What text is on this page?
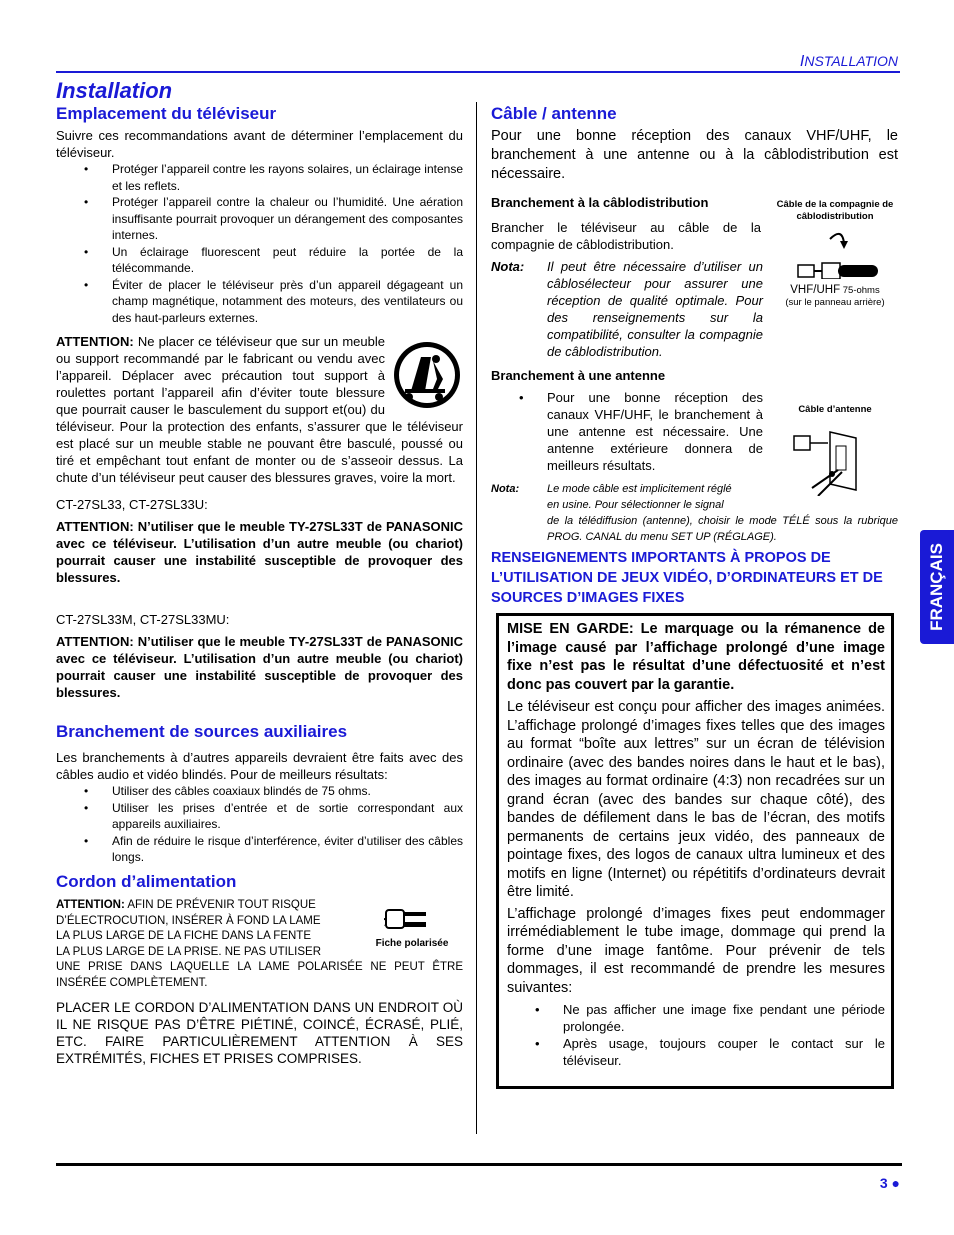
INSTALLATION
Installation

Emplacement du téléviseur

Suivre ces recommandations avant de déterminer l’emplacement du téléviseur.

• Protéger l’appareil contre les rayons solaires, un éclairage intense et les reflets.
• Protéger l’appareil contre la chaleur ou l’humidité. Une aération insuffisante pourrait provoquer un dérangement des composantes internes.
• Un éclairage fluorescent peut réduire la portée de la télécommande.
• Éviter de placer le téléviseur près d’un appareil dégageant un champ magnétique, notamment des moteurs, des ventilateurs ou des haut-parleurs externes.

ATTENTION: Ne placer ce téléviseur que sur un meuble ou support recommandé par le fabricant ou vendu avec l’appareil. Déplacer avec précaution tout support à roulettes portant l’appareil afin d’éviter toute blessure que pourrait causer le basculement du support et(ou) du téléviseur. Pour la protection des enfants, s’assurer que le téléviseur est placé sur un meuble stable ne pouvant être basculé, poussé ou tiré et empêchant tout enfant de monter ou de s’asseoir dessus. La chute d’un téléviseur peut causer des blessures graves, voire la mort.

CT-27SL33, CT-27SL33U:

ATTENTION: N’utiliser que le meuble TY-27SL33T de PANASONIC avec ce téléviseur. L’utilisation d’un autre meuble (ou chariot) pourrait causer une instabilité susceptible de provoquer des blessures.

CT-27SL33M, CT-27SL33MU:

ATTENTION: N’utiliser que le meuble TY-27SL33T de PANASONIC avec ce téléviseur. L’utilisation d’un autre meuble (ou chariot) pourrait causer une instabilité susceptible de provoquer des blessures.

Branchement de sources auxiliaires

Les branchements à d’autres appareils devraient être faits avec des câbles audio et vidéo blindés. Pour de meilleurs résultats:

• Utiliser des câbles coaxiaux blindés de 75 ohms.
• Utiliser les prises d’entrée et de sortie correspondant aux appareils auxiliaires.
• Afin de réduire le risque d’interférence, éviter d’utiliser des câbles longs.

Cordon d’alimentation

Fiche polarisée
ATTENTION: AFIN DE PRÉVENIR TOUT RISQUE
D’ÉLECTROCUTION, INSÉRER À FOND LA LAME
LA PLUS LARGE DE LA FICHE DANS LA FENTE
LA PLUS LARGE DE LA PRISE. NE PAS UTILISER
UNE PRISE DANS LAQUELLE LA LAME POLARISÉE NE PEUT ÊTRE INSÉRÉE COMPLÈTEMENT.

PLACER LE CORDON D’ALIMENTATION DANS UN ENDROIT OÙ IL NE RISQUE PAS D’ÊTRE PIÉTINÉ, COINCÉ, ÉCRASÉ, PLIÉ, ETC. FAIRE PARTICULIÈREMENT ATTENTION À SES EXTRÉMITÉS, FICHES ET PRISES COMPRISES.

Câble / antenne

Pour une bonne réception des canaux VHF/UHF, le branchement à une antenne ou à la câblodistribution est nécessaire.

Branchement à la câblodistribution

Brancher le téléviseur au câble de la compagnie de câblodistribution.

Câble de la compagnie de câblodistribution
VHF/UHF 75-ohms
(sur le panneau arrière)
Nota: Il peut être nécessaire d’utiliser un câblosélecteur pour assurer une réception de qualité optimale. Pour des renseignements sur la compatibilité, consulter la compagnie de câblodistribution.

Branchement à une antenne
• Pour une bonne réception des canaux VHF/UHF, le branchement à une antenne est nécessaire. Une antenne extérieure donnera de meilleurs résultats.
Câble d’antenne
Nota:	Le mode câble est implicitement réglé
en usine. Pour sélectionner le signal
de la télédiffusion (antenne), choisir le mode TÉLÉ sous la rubrique PROG. CANAL du menu SET UP (RÉGLAGE).
RENSEIGNEMENTS IMPORTANTS À PROPOS DE L’UTILISATION DE JEUX VIDÉO, D’ORDINATEURS ET DE SOURCES D’IMAGES FIXES

MISE EN GARDE: Le marquage ou la rémanence de l’image causé par l’affichage prolongé d’une image fixe n’est pas le résultat d’une défectuosité et n’est donc pas couvert par la garantie.

Le téléviseur est conçu pour afficher des images animées. L’affichage prolongé d’images fixes telles que des images au format “boîte aux lettres” sur un écran de télévision ordinaire (avec des bandes noires dans le haut et le bas), des images au format ordinaire (4:3) non recadrées sur un grand écran (avec des bandes sur chaque côté), des bandes de défilement dans le bas de l’écran, des motifs permanents de certains jeux vidéo, des panneaux de pointage fixes, des logos de canaux ultra lumineux et des motifs en ligne (Internet) ou répétitifs d’ordinateurs devrait être limité.

L’affichage prolongé d’images fixes peut endommager irrémédiablement le tube image, dommage qui prend la forme d’une image fantôme. Pour prévenir de tels dommages, il est recommandé de prendre les mesures suivantes:

• Ne pas afficher une image fixe pendant une période prolongée.
• Après usage, toujours couper le contact sur le téléviseur.
FRANÇAIS
3 ●
